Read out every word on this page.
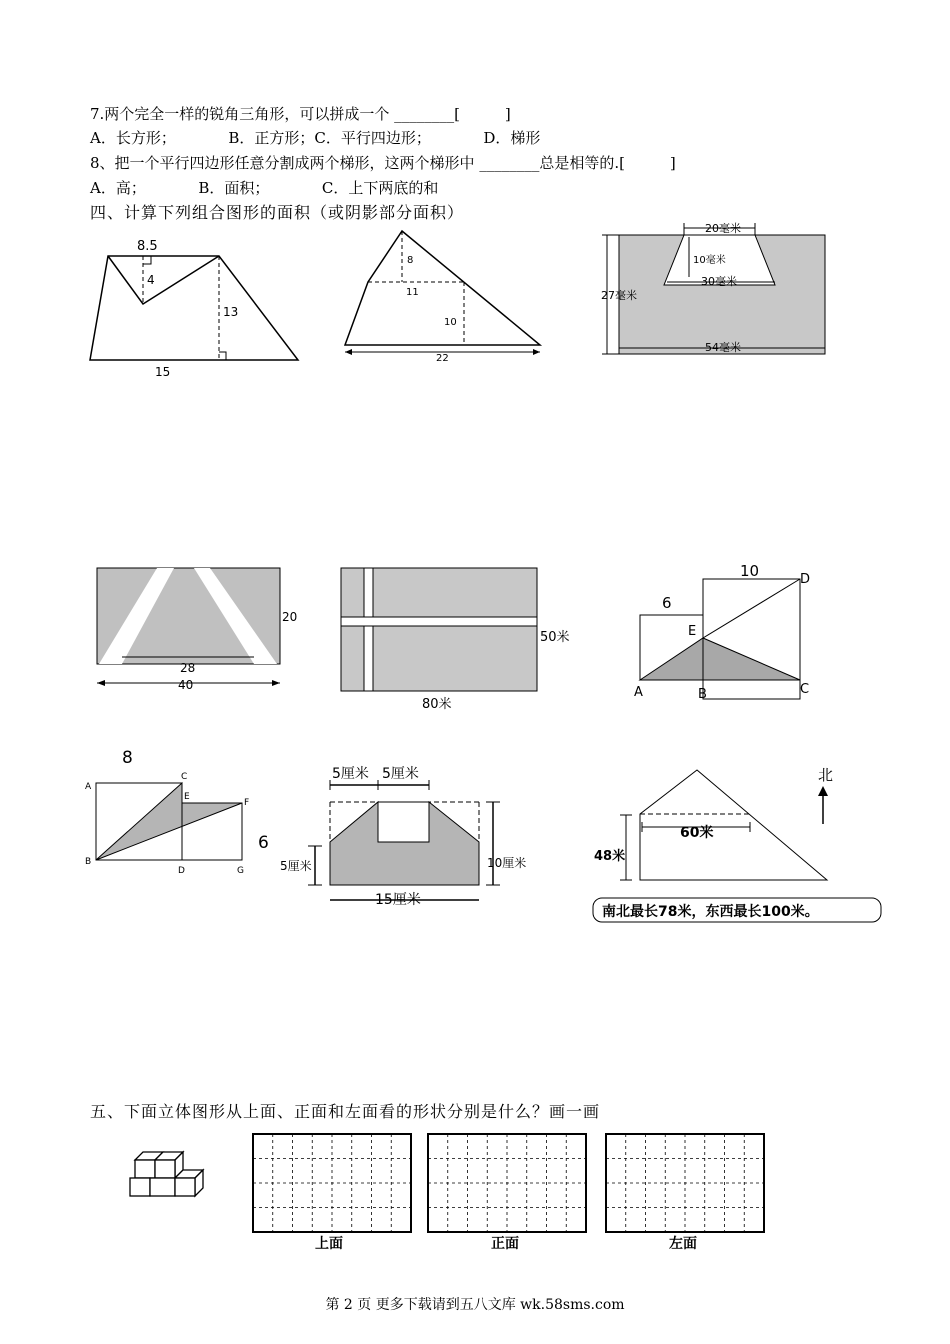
7.两个完全一样的锐角三角形，可以拼成一个 ________[　　　]
A．长方形；　　　　B．正方形；C．平行四边形；　　　　D．梯形
8、把一个平行四边形任意分割成两个梯形，这两个梯形中 ________总是相等的.[　　　]
A．高；　　　　B．面积；　　　　C．上下两底的和
四、计算下列组合图形的面积（或阴影部分面积）
8.5
4
13
15
8
11
10
22
20毫米
10毫米
30毫米
27毫米
54毫米
20
28
40
50米
80米
10
6
A	B	C
D
E
8
6
A
B
C
D
E
F
G
5厘米 5厘米
5厘米	10厘米
15厘米
北
60米
48米
南北最长78米，东西最长100米。
五、下面立体图形从上面、正面和左面看的形状分别是什么？画一画
上面	正面	左面
第 2 页 更多下载请到五八文库 wk.58sms.com
